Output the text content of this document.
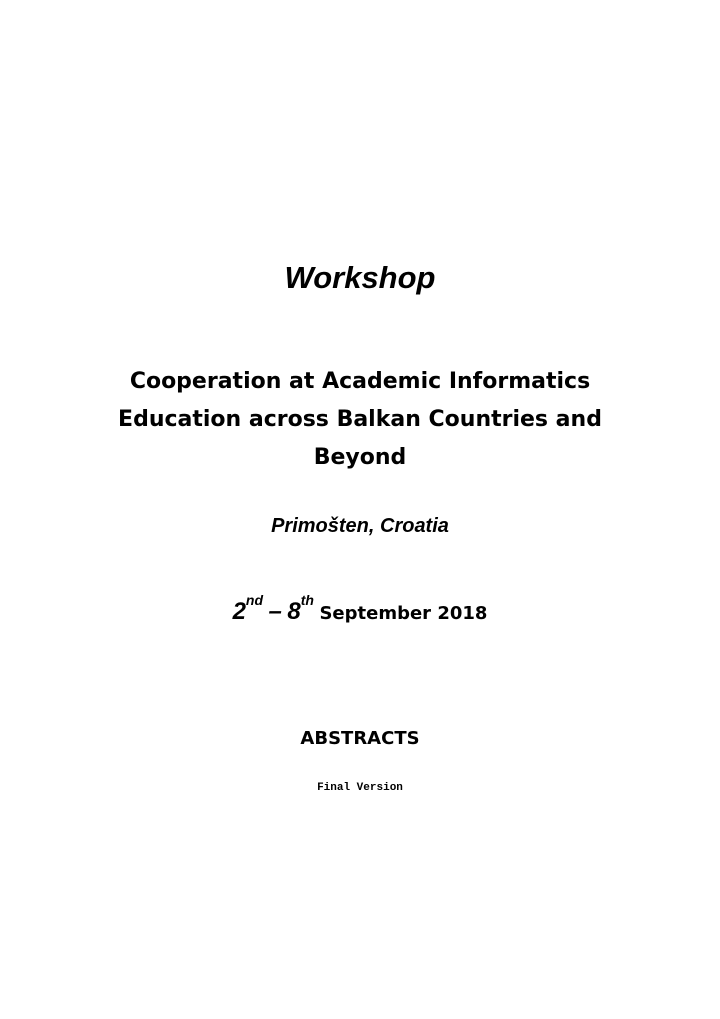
Workshop
Cooperation at Academic Informatics Education across Balkan Countries and Beyond
Primošten, Croatia
2nd – 8th September 2018
ABSTRACTS
Final Version
